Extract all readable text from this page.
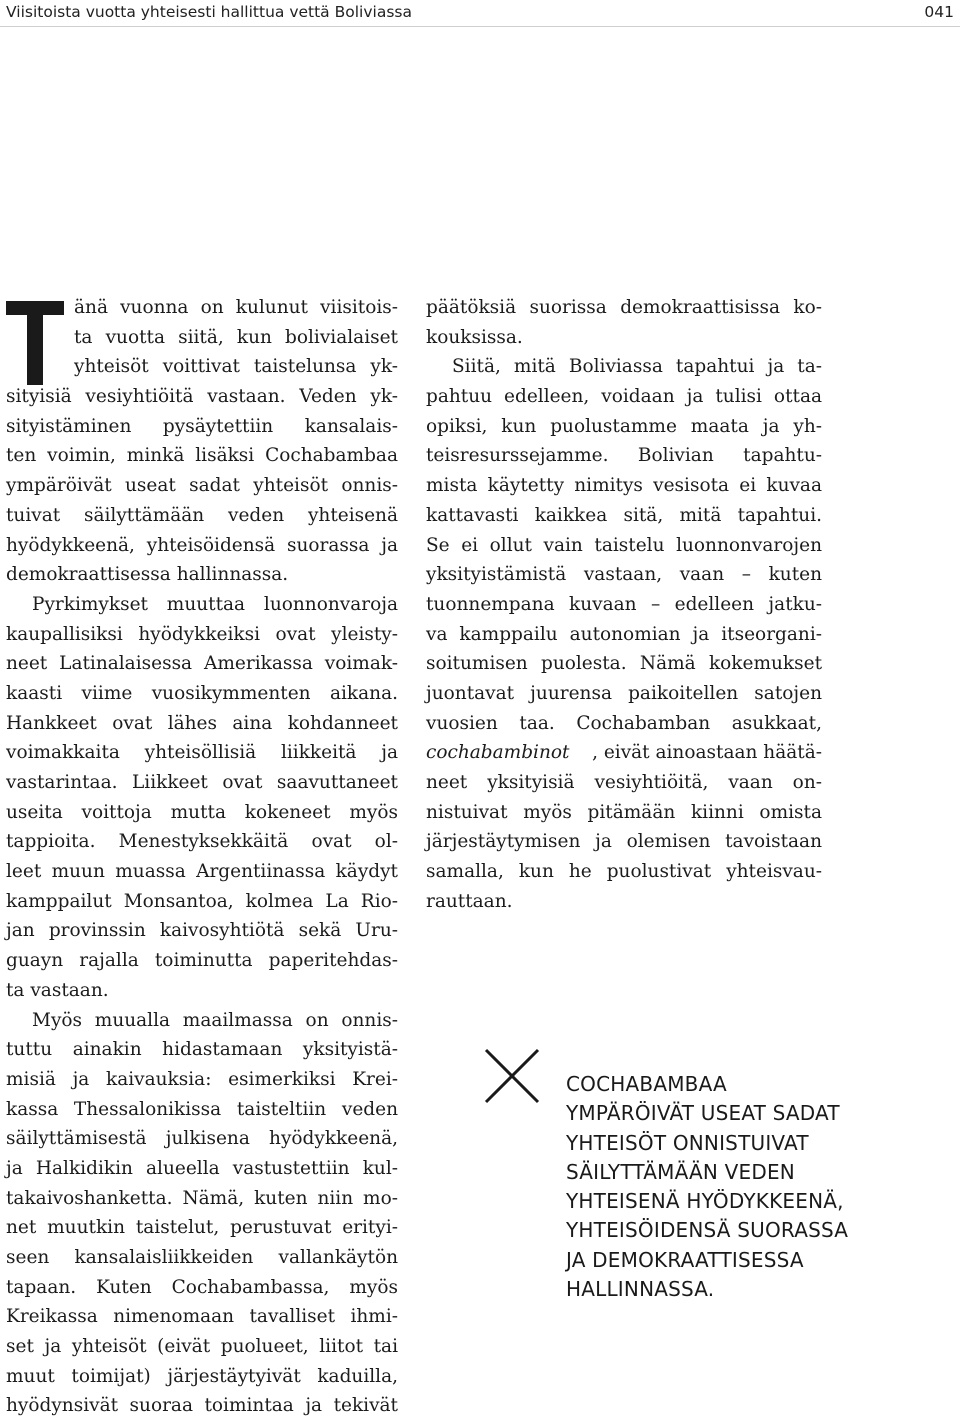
Viisitoista vuotta yhteisesti hallittua vettä Boliviassa	041
änä vuonna on kulunut viisitois-
ta vuotta siitä, kun bolivialaiset
yhteisöt voittivat taistelunsa yk-
sityisiä vesiyhtiöitä vastaan. Veden yk-
sityistäminen pysäytettiin kansalais-
ten voimin, minkä lisäksi Cochabambaa
ympäröivät useat sadat yhteisöt onnis-
tuivat säilyttämään veden yhteisenä
hyödykkeenä, yhteisöidensä suorassa ja
demokraattisessa hallinnassa.
Pyrkimykset muuttaa luonnonvaroja
kaupallisiksi hyödykkeiksi ovat yleisty-
neet Latinalaisessa Amerikassa voimak-
kaasti viime vuosikymmenten aikana.
Hankkeet ovat lähes aina kohdanneet
voimakkaita yhteisöllisiä liikkeitä ja
vastarintaa. Liikkeet ovat saavuttaneet
useita voittoja mutta kokeneet myös
tappioita. Menestyksekkäitä ovat ol-
leet muun muassa Argentiinassa käydyt
kamppailut Monsantoa, kolmea La Rio-
jan provinssin kaivosyhtiötä sekä Uru-
guayn rajalla toiminutta paperitehdas-
ta vastaan.
Myös muualla maailmassa on onnis-
tuttu ainakin hidastamaan yksityistä-
misiä ja kaivauksia: esimerkiksi Krei-
kassa Thessalonikissa taisteltiin veden
säilyttämisestä julkisena hyödykkeenä,
ja Halkidikin alueella vastustettiin kul-
takaivoshanketta. Nämä, kuten niin mo-
net muutkin taistelut, perustuvat erityi-
seen kansalaisliikkeiden vallankäytön
tapaan. Kuten Cochabambassa, myös
Kreikassa nimenomaan tavalliset ihmi-
set ja yhteisöt (eivät puolueet, liitot tai
muut toimijat) järjestäytyivät kaduilla,
hyödynsivät suoraa toimintaa ja tekivät
päätöksiä suorissa demokraattisissa ko-
kouksissa.
Siitä, mitä Boliviassa tapahtui ja ta-
pahtuu edelleen, voidaan ja tulisi ottaa
opiksi, kun puolustamme maata ja yh-
teisresurssejamme. Bolivian tapahtu-
mista käytetty nimitys vesisota ei kuvaa
kattavasti kaikkea sitä, mitä tapahtui.
Se ei ollut vain taistelu luonnonvarojen
yksityistämistä vastaan, vaan – kuten
tuonnempana kuvaan – edelleen jatku-
va kamppailu autonomian ja itseorgani-
soitumisen puolesta. Nämä kokemukset
juontavat juurensa paikoitellen satojen
vuosien taa. Cochabamban asukkaat,
cochabambinot , eivät ainoastaan häätä-
neet yksityisiä vesiyhtiöitä, vaan on-
nistuivat myös pitämään kiinni omista
järjestäytymisen ja olemisen tavoistaan
samalla, kun he puolustivat yhteisvau-
rauttaan.
COCHABAMBAA
YMPÄRÖIVÄT USEAT SADAT
YHTEISÖT ONNISTUIVAT
SÄILYTTÄMÄÄN VEDEN
YHTEISENÄ HYÖDYKKEENÄ,
YHTEISÖIDENSÄ SUORASSA
JA DEMOKRAATTISESSA
HALLINNASSA.
